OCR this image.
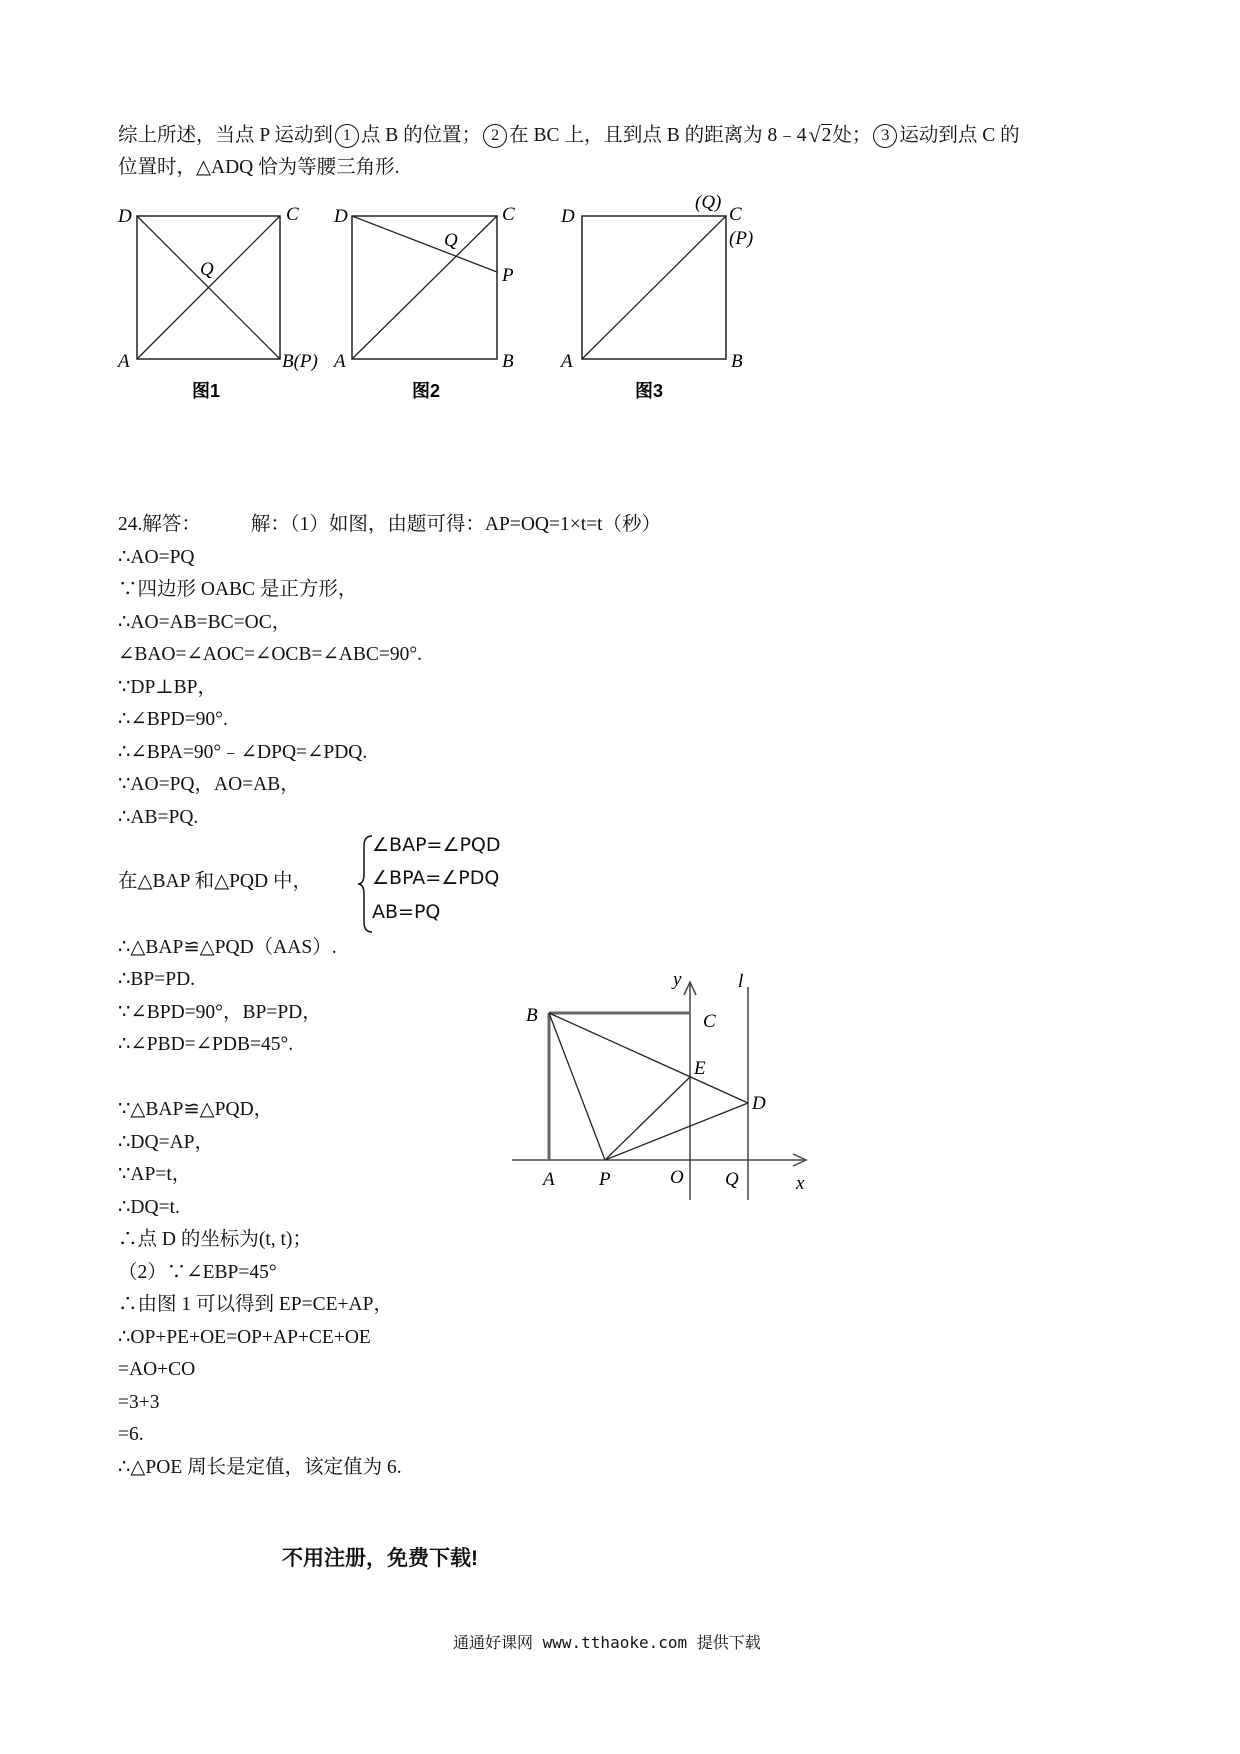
综上所述，当点 P 运动到 1 点 B 的位置； 2 在 BC 上，且到点 B 的距离为 8﹣4√2处； 3 运动到点 C 的
位置时，△ADQ 恰为等腰三角形.
D	C
Q
A	B(P)
图1
D	C
Q
P
A	B
图2
D
(Q)
C
(P)
A	B
图3
24.解答：	解：（1）如图，由题可得：AP=OQ=1×t=t（秒）
∴AO=PQ
∵四边形 OABC 是正方形，
∴AO=AB=BC=OC，
∠BAO=∠AOC=∠OCB=∠ABC=90°.
∵DP⊥BP，
∴∠BPD=90°.
∴∠BPA=90°﹣∠DPQ=∠PDQ.
∵AO=PQ，AO=AB，
∴AB=PQ.
在△BAP 和△PQD 中，
∠BAP=∠PQD
∠BPA=∠PDQ
AB=PQ
∴△BAP≌△PQD（AAS）.
∴BP=PD.
∵∠BPD=90°，BP=PD，
∴∠PBD=∠PDB=45°.
∵△BAP≌△PQD，
∴DQ=AP，
∵AP=t，
∴DQ=t.
∴点 D 的坐标为(t, t)；
（2）∵∠EBP=45°
∴由图 1 可以得到 EP=CE+AP，
∴OP+PE+OE=OP+AP+CE+OE
=AO+CO
=3+3
=6.
∴△POE 周长是定值，该定值为 6.
B	C
y	l
E
D
A P	O Q	x
不用注册，免费下载!
通通好课网 www.tthaoke.com 提供下载
